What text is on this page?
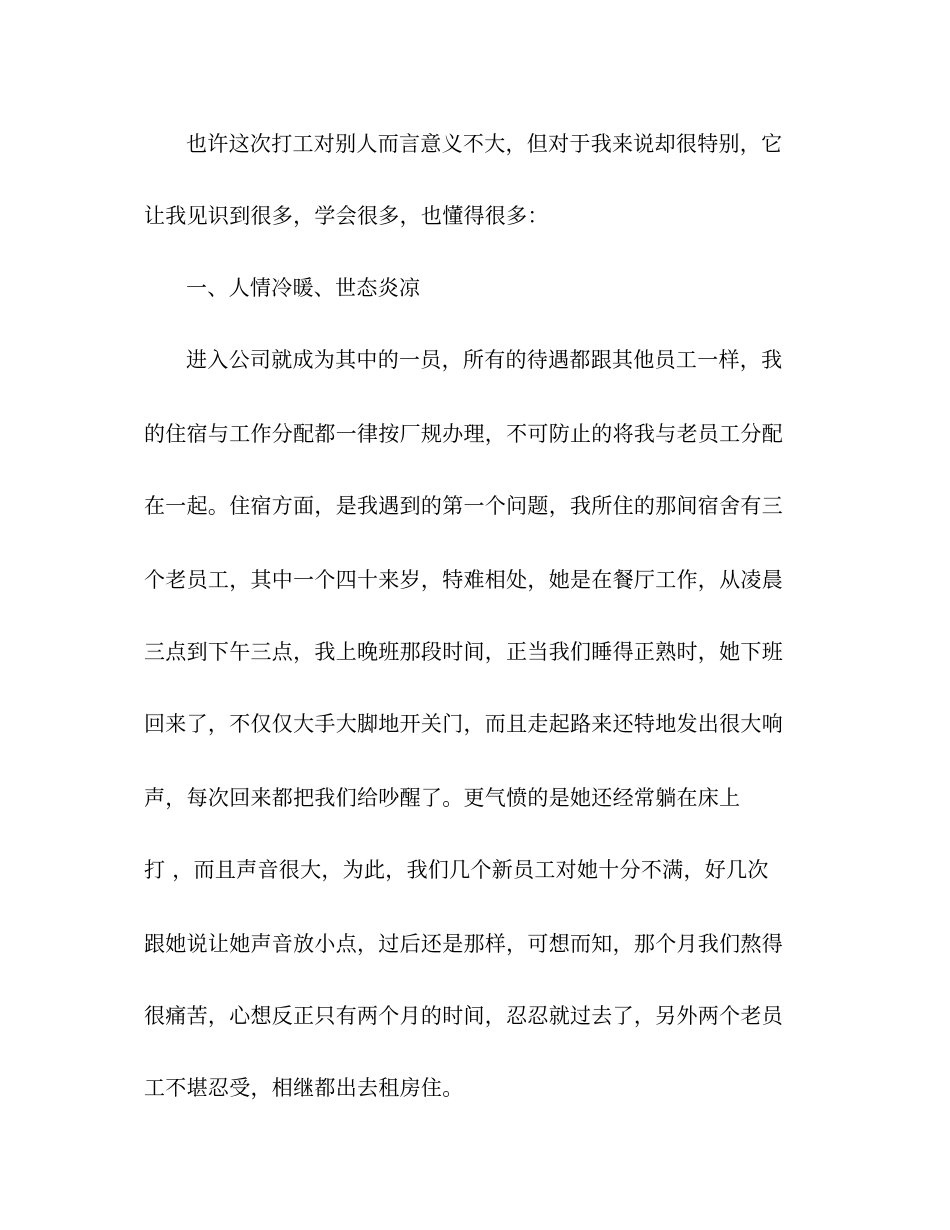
也许这次打工对别人而言意义不大，但对于我来说却很特别，它
让我见识到很多，学会很多，也懂得很多：
一、人情冷暖、世态炎凉
进入公司就成为其中的一员，所有的待遇都跟其他员工一样，我
的住宿与工作分配都一律按厂规办理，不可防止的将我与老员工分配
在一起。住宿方面，是我遇到的第一个问题，我所住的那间宿舍有三
个老员工，其中一个四十来岁，特难相处，她是在餐厅工作，从凌晨
三点到下午三点，我上晚班那段时间，正当我们睡得正熟时，她下班
回来了，不仅仅大手大脚地开关门，而且走起路来还特地发出很大响
声，每次回来都把我们给吵醒了。更气愤的是她还经常躺在床上
打 ，而且声音很大，为此，我们几个新员工对她十分不满，好几次
跟她说让她声音放小点，过后还是那样，可想而知，那个月我们熬得
很痛苦，心想反正只有两个月的时间，忍忍就过去了，另外两个老员
工不堪忍受，相继都出去租房住。
